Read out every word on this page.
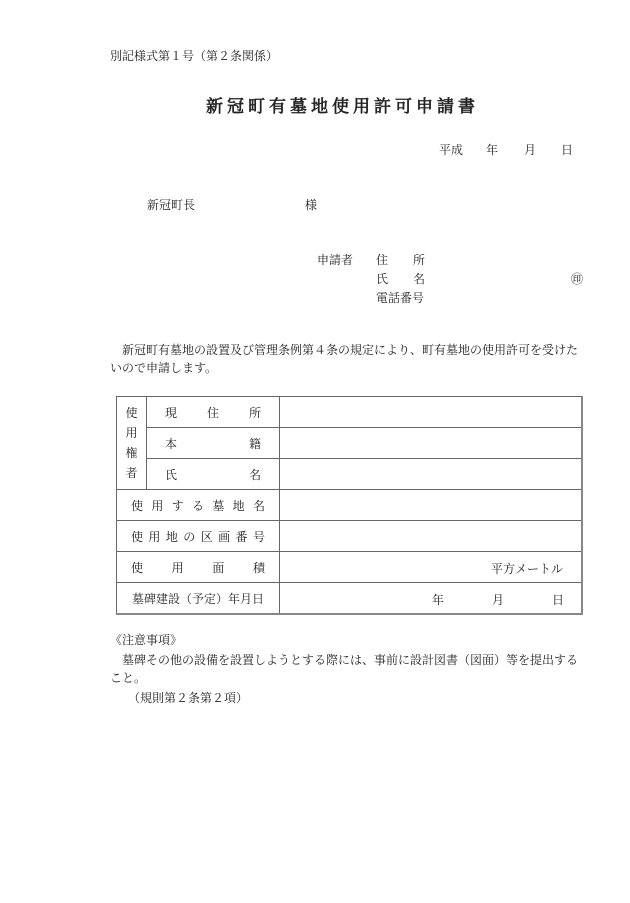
別記様式第１号（第２条関係）
新冠町有墓地使用許可申請書
平成 年 月 日
新冠町長	様
申請者 住 所
氏 名	㊞
電話番号
新冠町有墓地の設置及び管理条例第４条の規定により、町有墓地の使用許可を受けた
いので申請します。
使
用
権
者	現 住 所	

	本 籍	

	氏 名	

使 用 す る 墓 地 名

使 用 地 の 区 画 番 号

使 用 面 積		平方メートル

墓碑建設（予定）年月日		年 月 日
《注意事項》
墓碑その他の設備を設置しようとする際には、事前に設計図書（図面）等を提出する
こと。
（規則第２条第２項）
